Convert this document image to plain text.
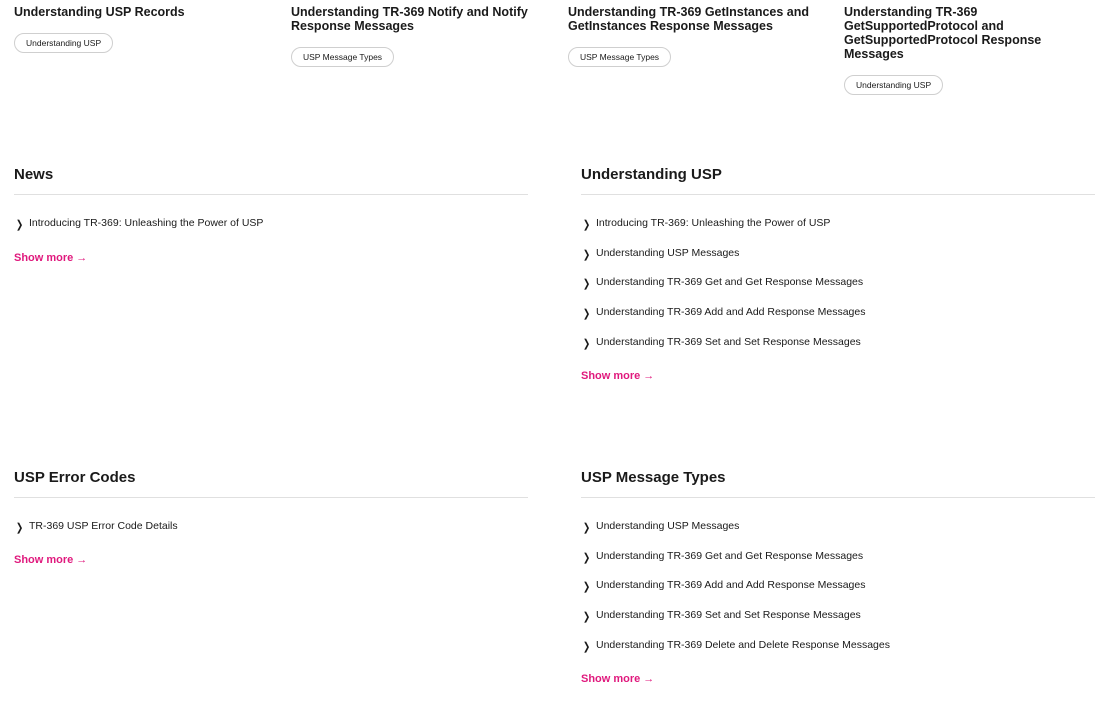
Understanding USP Records
Understanding USP
Understanding TR-369 Notify and Notify
Response Messages
USP Message Types
Understanding TR-369 GetInstances and
GetInstances Response Messages
USP Message Types
Understanding TR-369
GetSupportedProtocol and
GetSupportedProtocol Response Messages
Understanding USP
News
❯ Introducing TR-369: Unleashing the Power of USP
Show more →
Understanding USP
❯ Introducing TR-369: Unleashing the Power of USP
❯ Understanding USP Messages
❯ Understanding TR-369 Get and Get Response Messages
❯ Understanding TR-369 Add and Add Response Messages
❯ Understanding TR-369 Set and Set Response Messages
Show more →
USP Error Codes
❯ TR-369 USP Error Code Details
Show more →
USP Message Types
❯ Understanding USP Messages
❯ Understanding TR-369 Get and Get Response Messages
❯ Understanding TR-369 Add and Add Response Messages
❯ Understanding TR-369 Set and Set Response Messages
❯ Understanding TR-369 Delete and Delete Response Messages
Show more →
